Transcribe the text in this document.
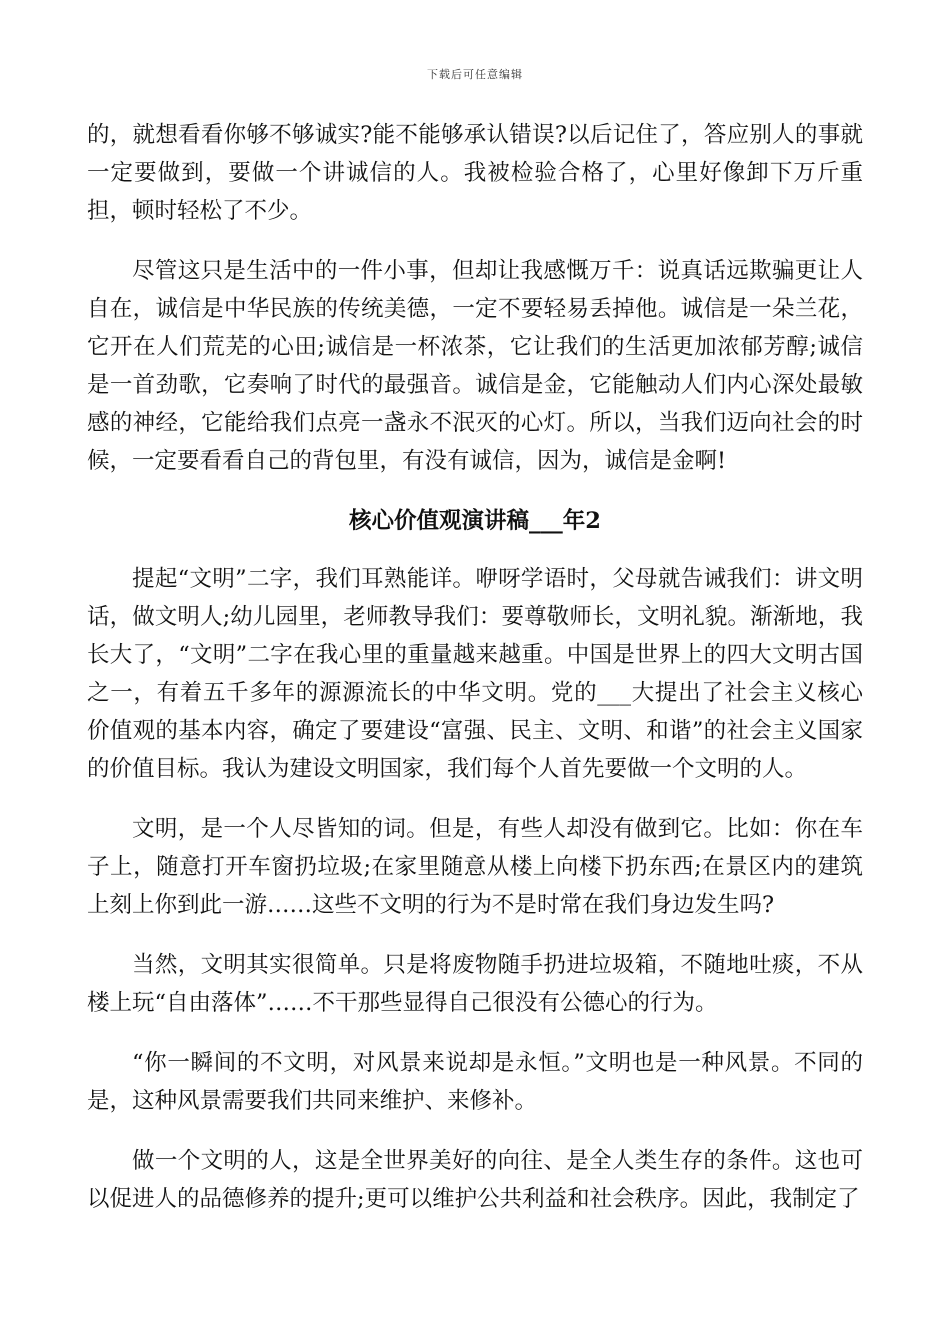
下载后可任意编辑

的，就想看看你够不够诚实?能不能够承认错误?以后记住了，答应别人的事就一定要做到，要做一个讲诚信的人。我被检验合格了，心里好像卸下万斤重担，顿时轻松了不少。

尽管这只是生活中的一件小事，但却让我感慨万千：说真话远欺骗更让人自在，诚信是中华民族的传统美德，一定不要轻易丢掉他。诚信是一朵兰花，它开在人们荒芜的心田;诚信是一杯浓茶，它让我们的生活更加浓郁芳醇;诚信是一首劲歌，它奏响了时代的最强音。诚信是金，它能触动人们内心深处最敏感的神经，它能给我们点亮一盏永不泯灭的心灯。所以，当我们迈向社会的时候，一定要看看自己的背包里，有没有诚信，因为，诚信是金啊!

核心价值观演讲稿___年2

提起“文明”二字，我们耳熟能详。咿呀学语时，父母就告诫我们：讲文明话，做文明人;幼儿园里，老师教导我们：要尊敬师长，文明礼貌。渐渐地，我长大了，“文明”二字在我心里的重量越来越重。中国是世界上的四大文明古国之一，有着五千多年的源源流长的中华文明。党的___大提出了社会主义核心价值观的基本内容，确定了要建设“富强、民主、文明、和谐”的社会主义国家的价值目标。我认为建设文明国家，我们每个人首先要做一个文明的人。

文明，是一个人尽皆知的词。但是，有些人却没有做到它。比如：你在车子上，随意打开车窗扔垃圾;在家里随意从楼上向楼下扔东西;在景区内的建筑上刻上你到此一游……这些不文明的行为不是时常在我们身边发生吗?

当然，文明其实很简单。只是将废物随手扔进垃圾箱，不随地吐痰，不从楼上玩“自由落体”……不干那些显得自己很没有公德心的行为。

“你一瞬间的不文明，对风景来说却是永恒。”文明也是一种风景。不同的是，这种风景需要我们共同来维护、来修补。

做一个文明的人，这是全世界美好的向往、是全人类生存的条件。这也可以促进人的品德修养的提升;更可以维护公共利益和社会秩序。因此，我制定了
